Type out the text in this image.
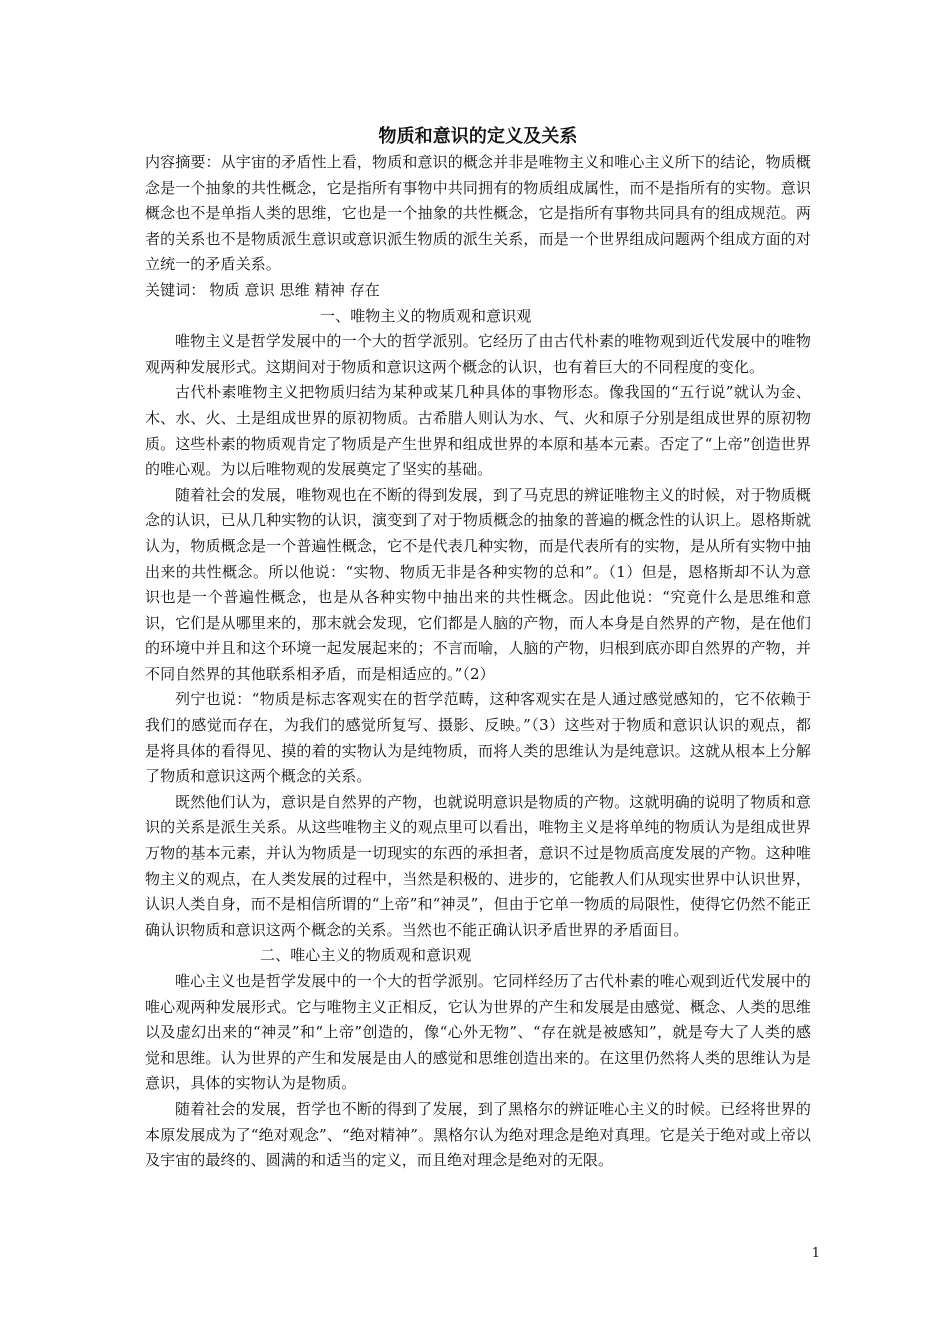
物质和意识的定义及关系

内容摘要：从宇宙的矛盾性上看，物质和意识的概念并非是唯物主义和唯心主义所下的结论，物质概念是一个抽象的共性概念，它是指所有事物中共同拥有的物质组成属性，而不是指所有的实物。意识概念也不是单指人类的思维，它也是一个抽象的共性概念，它是指所有事物共同具有的组成规范。两者的关系也不是物质派生意识或意识派生物质的派生关系，而是一个世界组成问题两个组成方面的对立统一的矛盾关系。

关键词： 物质 意识 思维 精神 存在

一、唯物主义的物质观和意识观

唯物主义是哲学发展中的一个大的哲学派别。它经历了由古代朴素的唯物观到近代发展中的唯物观两种发展形式。这期间对于物质和意识这两个概念的认识，也有着巨大的不同程度的变化。

古代朴素唯物主义把物质归结为某种或某几种具体的事物形态。像我国的“五行说”就认为金、木、水、火、土是组成世界的原初物质。古希腊人则认为水、气、火和原子分别是组成世界的原初物质。这些朴素的物质观肯定了物质是产生世界和组成世界的本原和基本元素。否定了“上帝”创造世界的唯心观。为以后唯物观的发展奠定了坚实的基础。

随着社会的发展，唯物观也在不断的得到发展，到了马克思的辨证唯物主义的时候，对于物质概念的认识，已从几种实物的认识，演变到了对于物质概念的抽象的普遍的概念性的认识上。恩格斯就认为，物质概念是一个普遍性概念，它不是代表几种实物，而是代表所有的实物，是从所有实物中抽出来的共性概念。所以他说：“实物、物质无非是各种实物的总和”。（1）但是，恩格斯却不认为意识也是一个普遍性概念，也是从各种实物中抽出来的共性概念。因此他说：“究竟什么是思维和意识，它们是从哪里来的，那末就会发现，它们都是人脑的产物，而人本身是自然界的产物，是在他们的环境中并且和这个环境一起发展起来的；不言而喻，人脑的产物，归根到底亦即自然界的产物，并不同自然界的其他联系相矛盾，而是相适应的。”（2）

列宁也说：“物质是标志客观实在的哲学范畴，这种客观实在是人通过感觉感知的，它不依赖于我们的感觉而存在，为我们的感觉所复写、摄影、反映。”（3）这些对于物质和意识认识的观点，都是将具体的看得见、摸的着的实物认为是纯物质，而将人类的思维认为是纯意识。这就从根本上分解了物质和意识这两个概念的关系。

既然他们认为，意识是自然界的产物，也就说明意识是物质的产物。这就明确的说明了物质和意识的关系是派生关系。从这些唯物主义的观点里可以看出，唯物主义是将单纯的物质认为是组成世界万物的基本元素，并认为物质是一切现实的东西的承担者，意识不过是物质高度发展的产物。这种唯物主义的观点，在人类发展的过程中，当然是积极的、进步的，它能教人们从现实世界中认识世界，认识人类自身，而不是相信所谓的“上帝”和“神灵”，但由于它单一物质的局限性，使得它仍然不能正确认识物质和意识这两个概念的关系。当然也不能正确认识矛盾世界的矛盾面目。

二、唯心主义的物质观和意识观

唯心主义也是哲学发展中的一个大的哲学派别。它同样经历了古代朴素的唯心观到近代发展中的唯心观两种发展形式。它与唯物主义正相反，它认为世界的产生和发展是由感觉、概念、人类的思维以及虚幻出来的“神灵”和“上帝”创造的，像“心外无物”、“存在就是被感知”，就是夸大了人类的感觉和思维。认为世界的产生和发展是由人的感觉和思维创造出来的。在这里仍然将人类的思维认为是意识，具体的实物认为是物质。

随着社会的发展，哲学也不断的得到了发展，到了黑格尔的辨证唯心主义的时候。已经将世界的本原发展成为了“绝对观念”、“绝对精神”。黑格尔认为绝对理念是绝对真理。它是关于绝对或上帝以及宇宙的最终的、圆满的和适当的定义，而且绝对理念是绝对的无限。

1
